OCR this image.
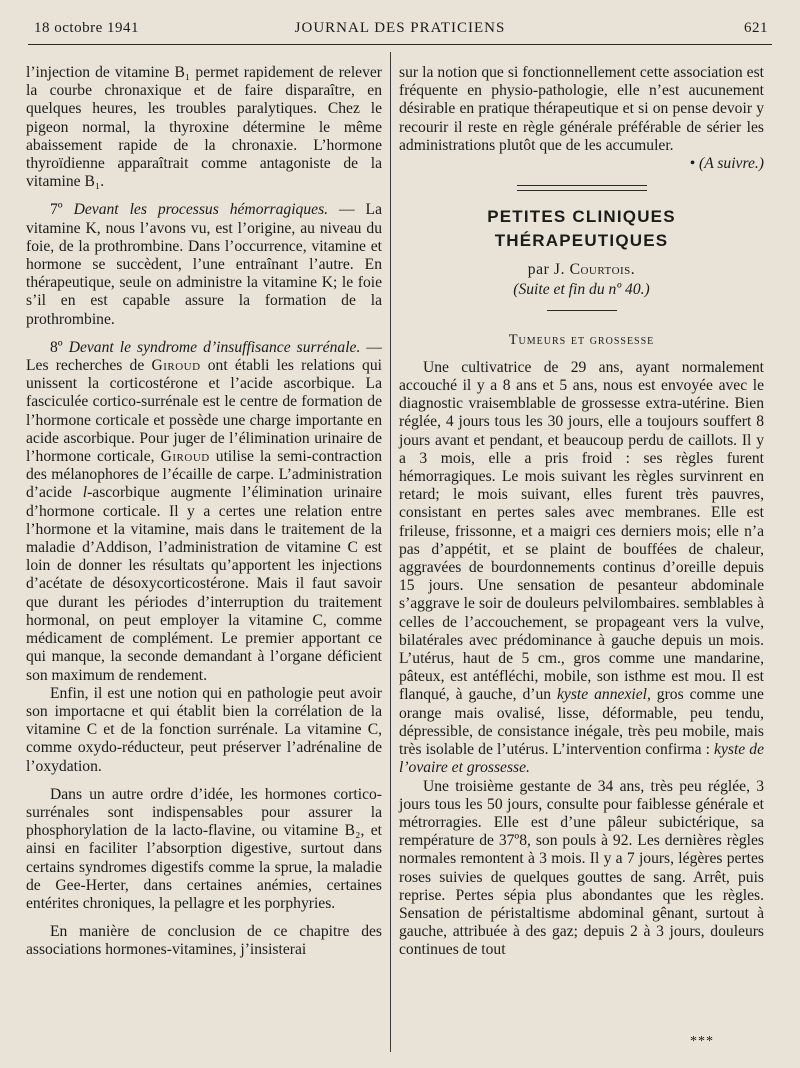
18 octobre 1941	JOURNAL DES PRATICIENS	621

l’injection de vitamine B₁ permet rapidement de relever la courbe chronaxique et de faire disparaître, en quelques heures, les troubles paralytiques. Chez le pigeon normal, la thyroxine détermine le même abaissement rapide de la chronaxie. L’hormone thyroïdienne apparaîtrait comme antagoniste de la vitamine B₁.

7º Devant les processus hémorragiques. — La vitamine K, nous l’avons vu, est l’origine, au niveau du foie, de la prothrombine. Dans l’occurrence, vitamine et hormone se succèdent, l’une entraînant l’autre. En thérapeutique, seule on administre la vitamine K; le foie s’il en est capable assure la formation de la prothrombine.

8º Devant le syndrome d’insuffisance surrénale. — Les recherches de Giroud ont établi les relations qui unissent la corticostérone et l’acide ascorbique. La fasciculée cortico-surrénale est le centre de formation de l’hormone corticale et possède une charge importante en acide ascorbique. Pour juger de l’élimination urinaire de l’hormone corticale, Giroud utilise la semi-contraction des mélanophores de l’écaille de carpe. L’administration d’acide l-ascorbique augmente l’élimination urinaire d’hormone corticale. Il y a certes une relation entre l’hormone et la vitamine, mais dans le traitement de la maladie d’Addison, l’administration de vitamine C est loin de donner les résultats qu’apportent les injections d’acétate de désoxycorticostérone. Mais il faut savoir que durant les périodes d’interruption du traitement hormonal, on peut employer la vitamine C, comme médicament de complément. Le premier apportant ce qui manque, la seconde demandant à l’organe déficient son maximum de rendement.

Enfin, il est une notion qui en pathologie peut avoir son importacne et qui établit bien la corrélation de la vitamine C et de la fonction surrénale. La vitamine C, comme oxydo-réducteur, peut préserver l’adrénaline de l’oxydation.

Dans un autre ordre d’idée, les hormones cortico-surrénales sont indispensables pour assurer la phosphorylation de la lacto-flavine, ou vitamine B₂, et ainsi en faciliter l’absorption digestive, surtout dans certains syndromes digestifs comme la sprue, la maladie de Gee-Herter, dans certaines anémies, certaines entérites chroniques, la pellagre et les porphyries.

En manière de conclusion de ce chapitre des associations hormones-vitamines, j’insisterai

sur la notion que si fonctionnellement cette association est fréquente en physio-pathologie, elle n’est aucunement désirable en pratique thérapeutique et si on pense devoir y recourir il reste en règle générale préférable de sérier les administrations plutôt que de les accumuler.

• (A suivre.)

PETITES CLINIQUES
THÉRAPEUTIQUES
par J. Courtois.
(Suite et fin du nº 40.)
Tumeurs et grossesse

Une cultivatrice de 29 ans, ayant normalement accouché il y a 8 ans et 5 ans, nous est envoyée avec le diagnostic vraisemblable de grossesse extra-utérine. Bien réglée, 4 jours tous les 30 jours, elle a toujours souffert 8 jours avant et pendant, et beaucoup perdu de caillots. Il y a 3 mois, elle a pris froid : ses règles furent hémorragiques. Le mois suivant les règles survinrent en retard; le mois suivant, elles furent très pauvres, consistant en pertes sales avec membranes. Elle est frileuse, frissonne, et a maigri ces derniers mois; elle n’a pas d’appétit, et se plaint de bouffées de chaleur, aggravées de bourdonnements continus d’oreille depuis 15 jours. Une sensation de pesanteur abdominale s’aggrave le soir de douleurs pelvilombaires. semblables à celles de l’accouchement, se propageant vers la vulve, bilatérales avec prédominance à gauche depuis un mois. L’utérus, haut de 5 cm., gros comme une mandarine, pâteux, est antéfléchi, mobile, son isthme est mou. Il est flanqué, à gauche, d’un kyste annexiel, gros comme une orange mais ovalisé, lisse, déformable, peu tendu, dépressible, de consistance inégale, très peu mobile, mais très isolable de l’utérus. L’intervention confirma : kyste de l’ovaire et grossesse.

Une troisième gestante de 34 ans, très peu réglée, 3 jours tous les 50 jours, consulte pour faiblesse générale et métrorragies. Elle est d’une pâleur subictérique, sa rempérature de 37º8, son pouls à 92. Les dernières règles normales remontent à 3 mois. Il y a 7 jours, légères pertes roses suivies de quelques gouttes de sang. Arrêt, puis reprise. Pertes sépia plus abondantes que les règles. Sensation de péristaltisme abdominal gênant, surtout à gauche, attribuée à des gaz; depuis 2 à 3 jours, douleurs continues de tout

***
